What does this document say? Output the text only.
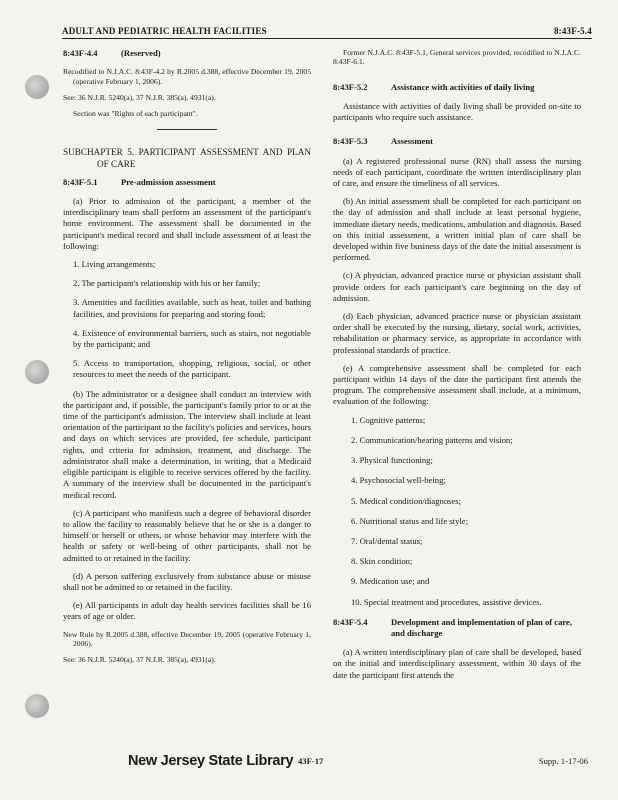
ADULT AND PEDIATRIC HEALTH FACILITIES	8:43F-5.4
8:43F-4.4	(Reserved)

Recodified to N.J.A.C. 8:43F-4.2 by R.2005 d.388, effective December 19, 2005 (operative February 1, 2006).

See: 36 N.J.R. 5240(a), 37 N.J.R. 385(a), 4931(a).

Section was "Rights of each participant".

SUBCHAPTER 5. PARTICIPANT ASSESSMENT AND PLAN OF CARE

8:43F-5.1	Pre-admission assessment

(a) Prior to admission of the participant, a member of the interdisciplinary team shall perform an assessment of the participant's home environment. The assessment shall be documented in the participant's medical record and shall include assessment of at least the following:

1. Living arrangements;
2. The participant's relationship with his or her family;
3. Amenities and facilities available, such as heat, toilet and bathing facilities, and provisions for preparing and storing food;
4. Existence of environmental barriers, such as stairs, not negotiable by the participant; and
5. Access to transportation, shopping, religious, social, or other resources to meet the needs of the participant.

(b) The administrator or a designee shall conduct an interview with the participant and, if possible, the participant's family prior to or at the time of the participant's admission. The interview shall include at least orientation of the participant to the facility's policies and services, hours and days on which services are provided, fee schedule, participant rights, and criteria for admission, treatment, and discharge. The administrator shall make a determination, in writing, that a Medicaid eligible participant is eligible to receive services offered by the facility. A summary of the interview shall be documented in the participant's medical record.

(c) A participant who manifests such a degree of behavioral disorder to allow the facility to reasonably believe that he or she is a danger to himself or herself or others, or whose behavior may interfere with the health or safety or well-being of other participants, shall not be admitted to or retained in the facility.

(d) A person suffering exclusively from substance abuse or misuse shall not be admitted to or retained in the facility.

(e) All participants in adult day health services facilities shall be 16 years of age or older.

New Rule by R.2005 d.388, effective December 19, 2005 (operative February 1, 2006).

See: 36 N.J.R. 5240(a), 37 N.J.R. 385(a), 4931(a).

Former N.J.A.C. 8:43F-5.1, General services provided, recodified to N.J.A.C. 8:43F-6.1.

8:43F-5.2	Assistance with activities of daily living

Assistance with activities of daily living shall be provided on-site to participants who require such assistance.

8:43F-5.3	Assessment

(a) A registered professional nurse (RN) shall assess the nursing needs of each participant, coordinate the written interdisciplinary plan of care, and ensure the timeliness of all services.

(b) An initial assessment shall be completed for each participant on the day of admission and shall include at least personal hygiene, immediate dietary needs, medications, ambulation and diagnosis. Based on this initial assessment, a written initial plan of care shall be developed within five business days of the date the initial assessment is performed.

(c) A physician, advanced practice nurse or physician assistant shall provide orders for each participant's care beginning on the day of admission.

(d) Each physician, advanced practice nurse or physician assistant order shall be executed by the nursing, dietary, social work, activities, rehabilitation or pharmacy service, as appropriate in accordance with professional standards of practice.

(e) A comprehensive assessment shall be completed for each participant within 14 days of the date the participant first attends the program. The comprehensive assessment shall include, at a minimum, evaluation of the following:

1. Cognitive patterns;
2. Communication/hearing patterns and vision;
3. Physical functioning;
4. Psychosocial well-being;
5. Medical condition/diagnoses;
6. Nutritional status and life style;
7. Oral/dental status;
8. Skin condition;
9. Medication use; and
10. Special treatment and procedures, assistive devices.
8:43F-5.4	Development and implementation of plan of care, and discharge

(a) A written interdisciplinary plan of care shall be developed, based on the initial and interdisciplinary assessment, within 30 days of the date the participant first attends the

New Jersey State Library 43F-17	Supp. 1-17-06
